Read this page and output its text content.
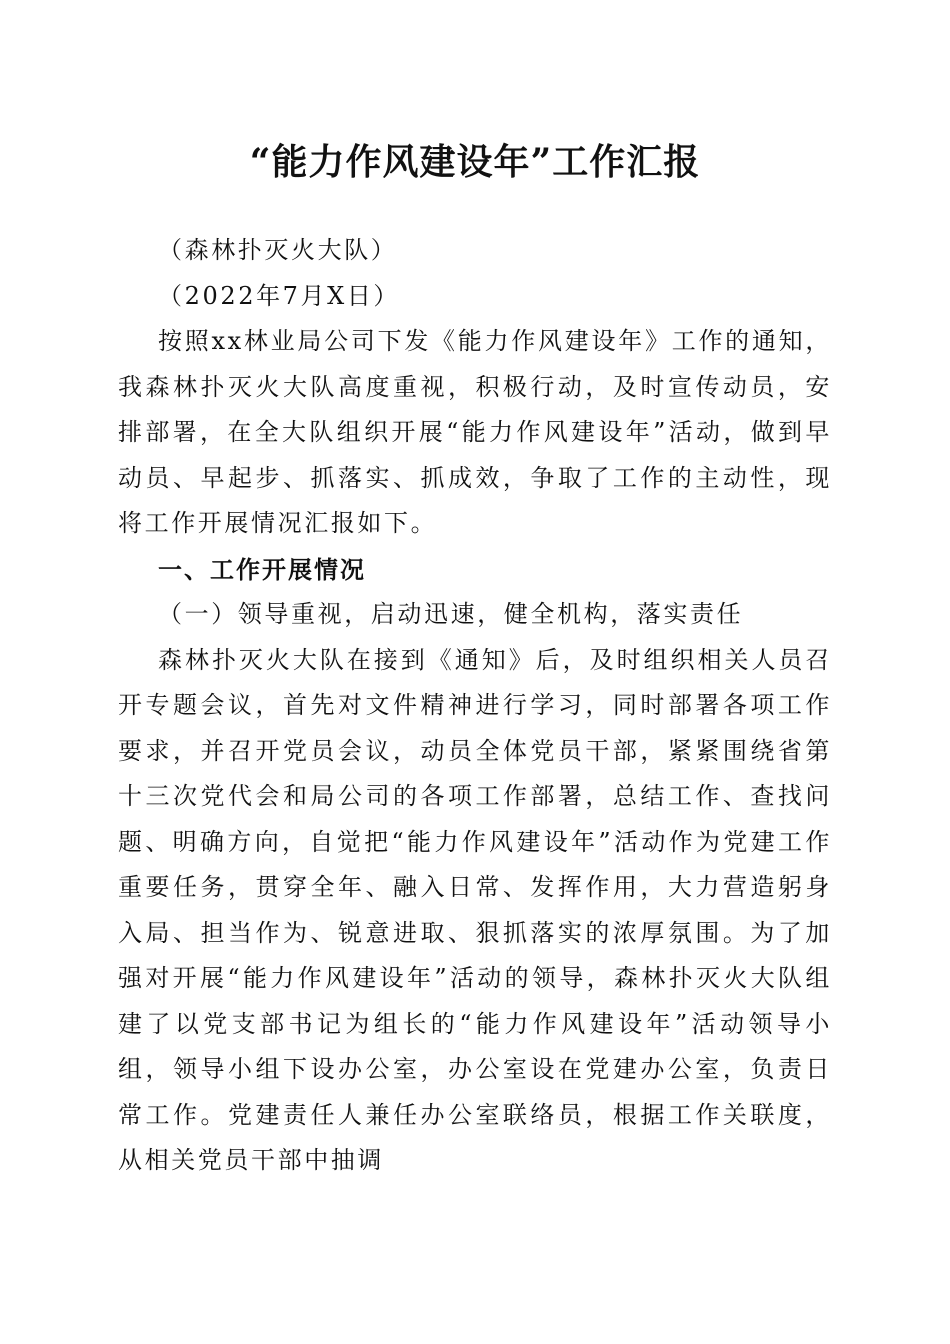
“能力作风建设年”工作汇报

（森林扑灭火大队）

（2022年7月X日）

按照xx林业局公司下发《能力作风建设年》工作的通知，我森林扑灭火大队高度重视，积极行动，及时宣传动员，安排部署，在全大队组织开展“能力作风建设年”活动，做到早动员、早起步、抓落实、抓成效，争取了工作的主动性，现将工作开展情况汇报如下。

一、工作开展情况

（一）领导重视，启动迅速，健全机构，落实责任

森林扑灭火大队在接到《通知》后，及时组织相关人员召开专题会议，首先对文件精神进行学习，同时部署各项工作要求，并召开党员会议，动员全体党员干部，紧紧围绕省第十三次党代会和局公司的各项工作部署，总结工作、查找问题、明确方向，自觉把“能力作风建设年”活动作为党建工作重要任务，贯穿全年、融入日常、发挥作用，大力营造躬身入局、担当作为、锐意进取、狠抓落实的浓厚氛围。为了加强对开展“能力作风建设年”活动的领导，森林扑灭火大队组建了以党支部书记为组长的“能力作风建设年”活动领导小组，领导小组下设办公室，办公室设在党建办公室，负责日常工作。党建责任人兼任办公室联络员，根据工作关联度，从相关党员干部中抽调
